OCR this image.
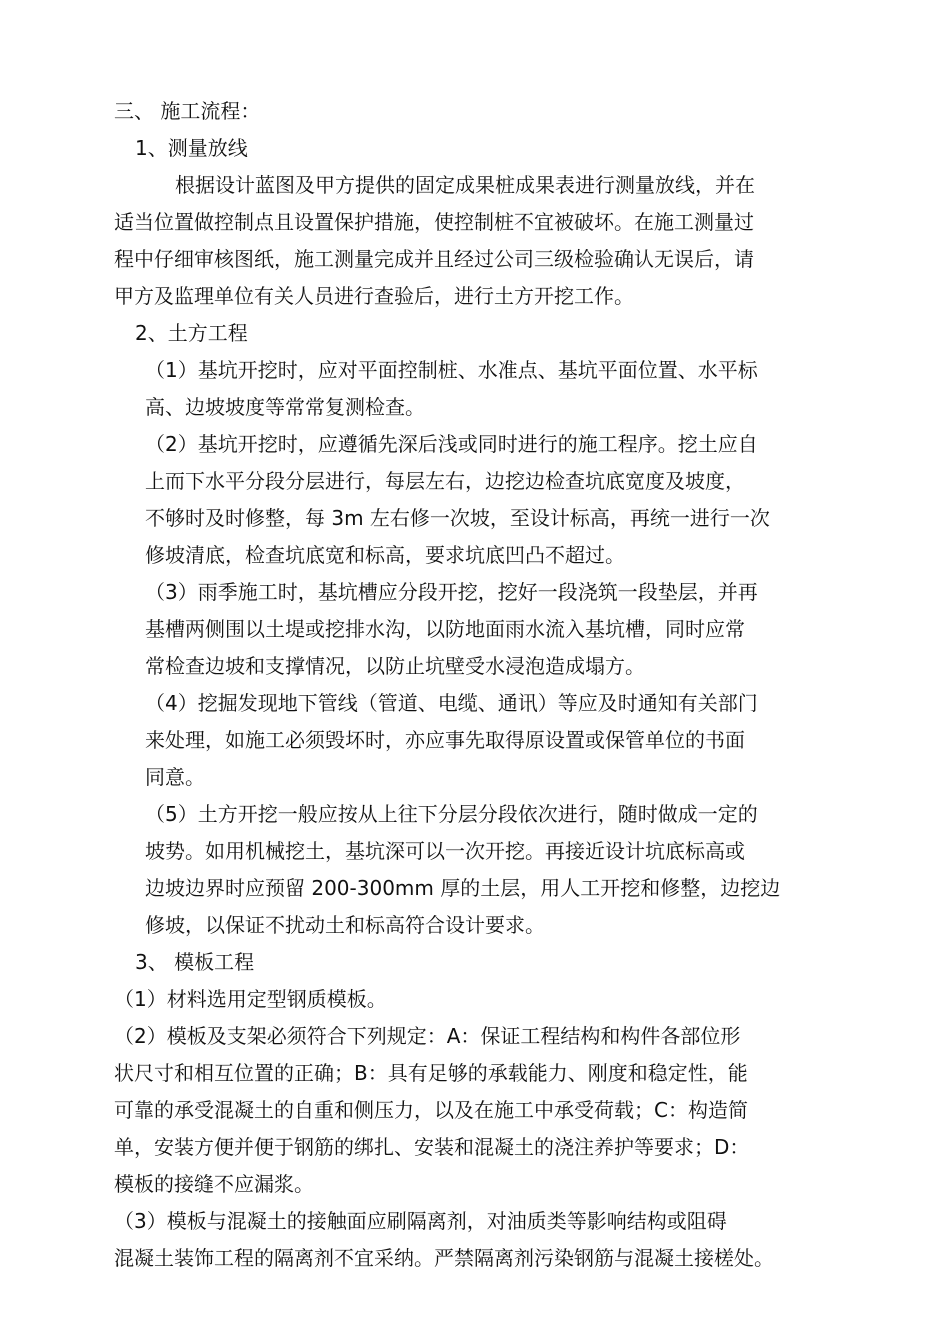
三、 施工流程：
1、测量放线
根据设计蓝图及甲方提供的固定成果桩成果表进行测量放线，并在
适当位置做控制点且设置保护措施，使控制桩不宜被破坏。在施工测量过
程中仔细审核图纸，施工测量完成并且经过公司三级检验确认无误后，请
甲方及监理单位有关人员进行查验后，进行土方开挖工作。
2、土方工程
（1）基坑开挖时，应对平面控制桩、水准点、基坑平面位置、水平标
高、边坡坡度等常常复测检查。
（2）基坑开挖时，应遵循先深后浅或同时进行的施工程序。挖土应自
上而下水平分段分层进行，每层左右，边挖边检查坑底宽度及坡度，
不够时及时修整，每 3m 左右修一次坡，至设计标高，再统一进行一次
修坡清底，检查坑底宽和标高，要求坑底凹凸不超过。
（3）雨季施工时，基坑槽应分段开挖，挖好一段浇筑一段垫层，并再
基槽两侧围以土堤或挖排水沟，以防地面雨水流入基坑槽，同时应常
常检查边坡和支撑情况，以防止坑壁受水浸泡造成塌方。
（4）挖掘发现地下管线（管道、电缆、通讯）等应及时通知有关部门
来处理，如施工必须毁坏时，亦应事先取得原设置或保管单位的书面
同意。
（5）土方开挖一般应按从上往下分层分段依次进行，随时做成一定的
坡势。如用机械挖土，基坑深可以一次开挖。再接近设计坑底标高或
边坡边界时应预留 200-300mm 厚的土层，用人工开挖和修整，边挖边
修坡，以保证不扰动土和标高符合设计要求。
3、 模板工程
（1）材料选用定型钢质模板。
（2）模板及支架必须符合下列规定：A：保证工程结构和构件各部位形
状尺寸和相互位置的正确；B：具有足够的承载能力、刚度和稳定性，能
可靠的承受混凝土的自重和侧压力，以及在施工中承受荷载；C：构造简
单，安装方便并便于钢筋的绑扎、安装和混凝土的浇注养护等要求；D：
模板的接缝不应漏浆。
（3）模板与混凝土的接触面应刷隔离剂，对油质类等影响结构或阻碍
混凝土装饰工程的隔离剂不宜采纳。严禁隔离剂污染钢筋与混凝土接槎处。
